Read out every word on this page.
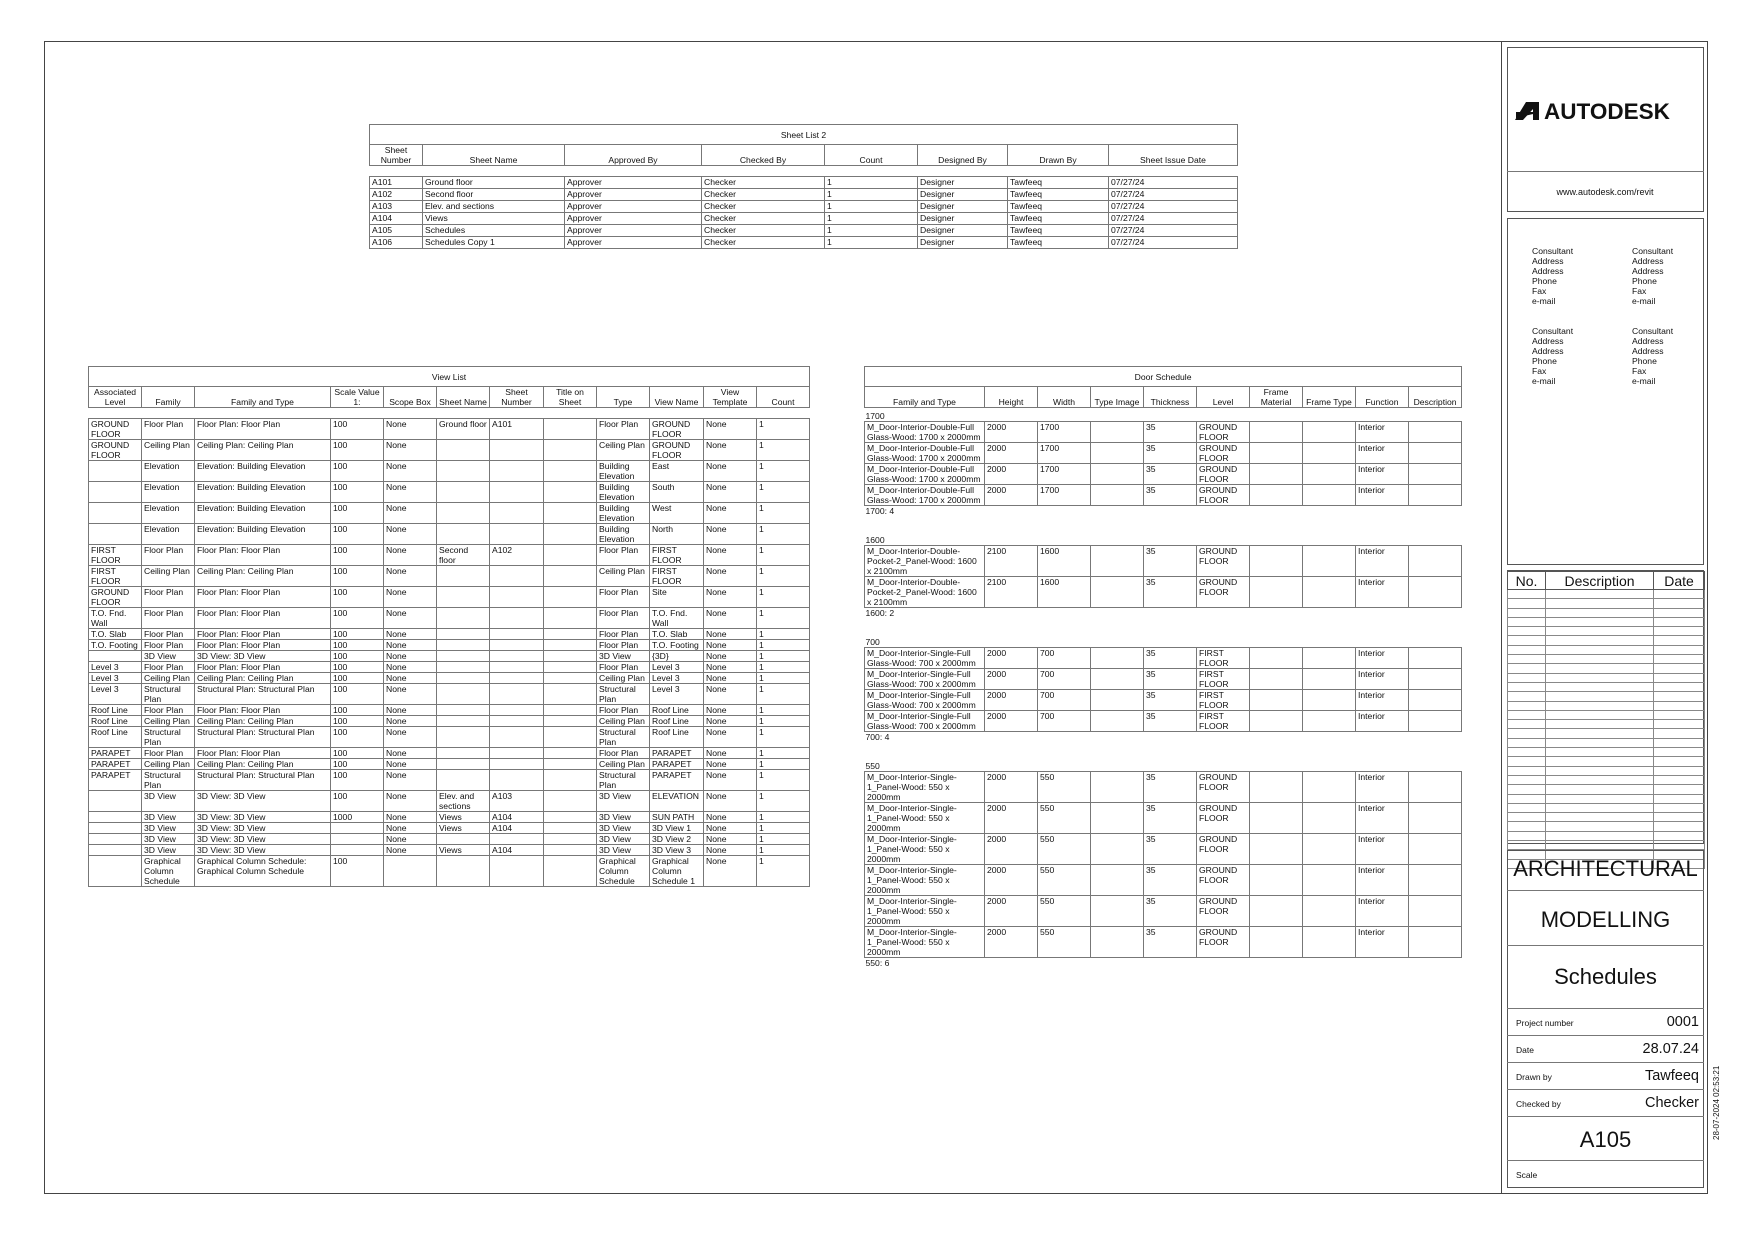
Sheet List 2							
Sheet Number	Sheet Name	Approved By	Checked By	Count	Designed By	Drawn By	Sheet Issue Date

A101	Ground floor	Approver	Checker	1	Designer	Tawfeeq	07/27/24
A102	Second floor	Approver	Checker	1	Designer	Tawfeeq	07/27/24
A103	Elev. and sections	Approver	Checker	1	Designer	Tawfeeq	07/27/24
A104	Views	Approver	Checker	1	Designer	Tawfeeq	07/27/24
A105	Schedules	Approver	Checker	1	Designer	Tawfeeq	07/27/24
A106	Schedules Copy 1	Approver	Checker	1	Designer	Tawfeeq	07/27/24
View List											
Associated Level	Family	Family and Type	Scale Value 1:	Scope Box	Sheet Name	Sheet Number	Title on Sheet	Type	View Name	View Template	Count

GROUND FLOOR	Floor Plan	Floor Plan: Floor Plan	100	None	Ground floor	A101		Floor Plan	GROUND FLOOR	None	1
GROUND FLOOR	Ceiling Plan	Ceiling Plan: Ceiling Plan	100	None				Ceiling Plan	GROUND FLOOR	None	1
	Elevation	Elevation: Building Elevation	100	None				Building Elevation	East	None	1
	Elevation	Elevation: Building Elevation	100	None				Building Elevation	South	None	1
	Elevation	Elevation: Building Elevation	100	None				Building Elevation	West	None	1
	Elevation	Elevation: Building Elevation	100	None				Building Elevation	North	None	1
FIRST FLOOR	Floor Plan	Floor Plan: Floor Plan	100	None	Second floor	A102		Floor Plan	FIRST FLOOR	None	1
FIRST FLOOR	Ceiling Plan	Ceiling Plan: Ceiling Plan	100	None				Ceiling Plan	FIRST FLOOR	None	1
GROUND FLOOR	Floor Plan	Floor Plan: Floor Plan	100	None				Floor Plan	Site	None	1
T.O. Fnd. Wall	Floor Plan	Floor Plan: Floor Plan	100	None				Floor Plan	T.O. Fnd. Wall	None	1
T.O. Slab	Floor Plan	Floor Plan: Floor Plan	100	None				Floor Plan	T.O. Slab	None	1
T.O. Footing	Floor Plan	Floor Plan: Floor Plan	100	None				Floor Plan	T.O. Footing	None	1
	3D View	3D View: 3D View	100	None				3D View	{3D}	None	1
Level 3	Floor Plan	Floor Plan: Floor Plan	100	None				Floor Plan	Level 3	None	1
Level 3	Ceiling Plan	Ceiling Plan: Ceiling Plan	100	None				Ceiling Plan	Level 3	None	1
Level 3	Structural Plan	Structural Plan: Structural Plan	100	None				Structural Plan	Level 3	None	1
Roof Line	Floor Plan	Floor Plan: Floor Plan	100	None				Floor Plan	Roof Line	None	1
Roof Line	Ceiling Plan	Ceiling Plan: Ceiling Plan	100	None				Ceiling Plan	Roof Line	None	1
Roof Line	Structural Plan	Structural Plan: Structural Plan	100	None				Structural Plan	Roof Line	None	1
PARAPET	Floor Plan	Floor Plan: Floor Plan	100	None				Floor Plan	PARAPET	None	1
PARAPET	Ceiling Plan	Ceiling Plan: Ceiling Plan	100	None				Ceiling Plan	PARAPET	None	1
PARAPET	Structural Plan	Structural Plan: Structural Plan	100	None				Structural Plan	PARAPET	None	1
	3D View	3D View: 3D View	100	None	Elev. and sections	A103		3D View	ELEVATION	None	1
	3D View	3D View: 3D View	1000	None	Views	A104		3D View	SUN PATH	None	1
	3D View	3D View: 3D View		None	Views	A104		3D View	3D View 1	None	1
	3D View	3D View: 3D View		None				3D View	3D View 2	None	1
	3D View	3D View: 3D View		None	Views	A104		3D View	3D View 3	None	1
	Graphical Column Schedule	Graphical Column Schedule: Graphical Column Schedule	100					Graphical Column Schedule	Graphical Column Schedule 1	None	1
Door Schedule									
Family and Type	Height	Width	Type Image	Thickness	Level	Frame Material	Frame Type	Function	Description
1700									
M_Door-Interior-Double-Full Glass-Wood: 1700 x 2000mm	2000	1700		35	GROUND FLOOR			Interior	
M_Door-Interior-Double-Full Glass-Wood: 1700 x 2000mm	2000	1700		35	GROUND FLOOR			Interior	
M_Door-Interior-Double-Full Glass-Wood: 1700 x 2000mm	2000	1700		35	GROUND FLOOR			Interior	
M_Door-Interior-Double-Full Glass-Wood: 1700 x 2000mm	2000	1700		35	GROUND FLOOR			Interior	
1700: 4									

1600									
M_Door-Interior-Double-Pocket-2_Panel-Wood: 1600 x 2100mm	2100	1600		35	GROUND FLOOR			Interior	
M_Door-Interior-Double-Pocket-2_Panel-Wood: 1600 x 2100mm	2100	1600		35	GROUND FLOOR			Interior	
1600: 2									

700									
M_Door-Interior-Single-Full Glass-Wood: 700 x 2000mm	2000	700		35	FIRST FLOOR			Interior	
M_Door-Interior-Single-Full Glass-Wood: 700 x 2000mm	2000	700		35	FIRST FLOOR			Interior	
M_Door-Interior-Single-Full Glass-Wood: 700 x 2000mm	2000	700		35	FIRST FLOOR			Interior	
M_Door-Interior-Single-Full Glass-Wood: 700 x 2000mm	2000	700		35	FIRST FLOOR			Interior	
700: 4									

550									
M_Door-Interior-Single-1_Panel-Wood: 550 x 2000mm	2000	550		35	GROUND FLOOR			Interior	
M_Door-Interior-Single-1_Panel-Wood: 550 x 2000mm	2000	550		35	GROUND FLOOR			Interior	
M_Door-Interior-Single-1_Panel-Wood: 550 x 2000mm	2000	550		35	GROUND FLOOR			Interior	
M_Door-Interior-Single-1_Panel-Wood: 550 x 2000mm	2000	550		35	GROUND FLOOR			Interior	
M_Door-Interior-Single-1_Panel-Wood: 550 x 2000mm	2000	550		35	GROUND FLOOR			Interior	
M_Door-Interior-Single-1_Panel-Wood: 550 x 2000mm	2000	550		35	GROUND FLOOR			Interior	
550: 6									
AUTODESK
www.autodesk.com/revit
Consultant
Address
Address
Phone
Fax
e-mail
Consultant
Address
Address
Phone
Fax
e-mail
Consultant
Address
Address
Phone
Fax
e-mail
Consultant
Address
Address
Phone
Fax
e-mail
No.	Description	Date

ARCHITECTURAL
MODELLING
Schedules
Project number	0001
Date	28.07.24
Drawn by	Tawfeeq
Checked by	Checker
A105
Scale
28-07-2024 02:53:21
